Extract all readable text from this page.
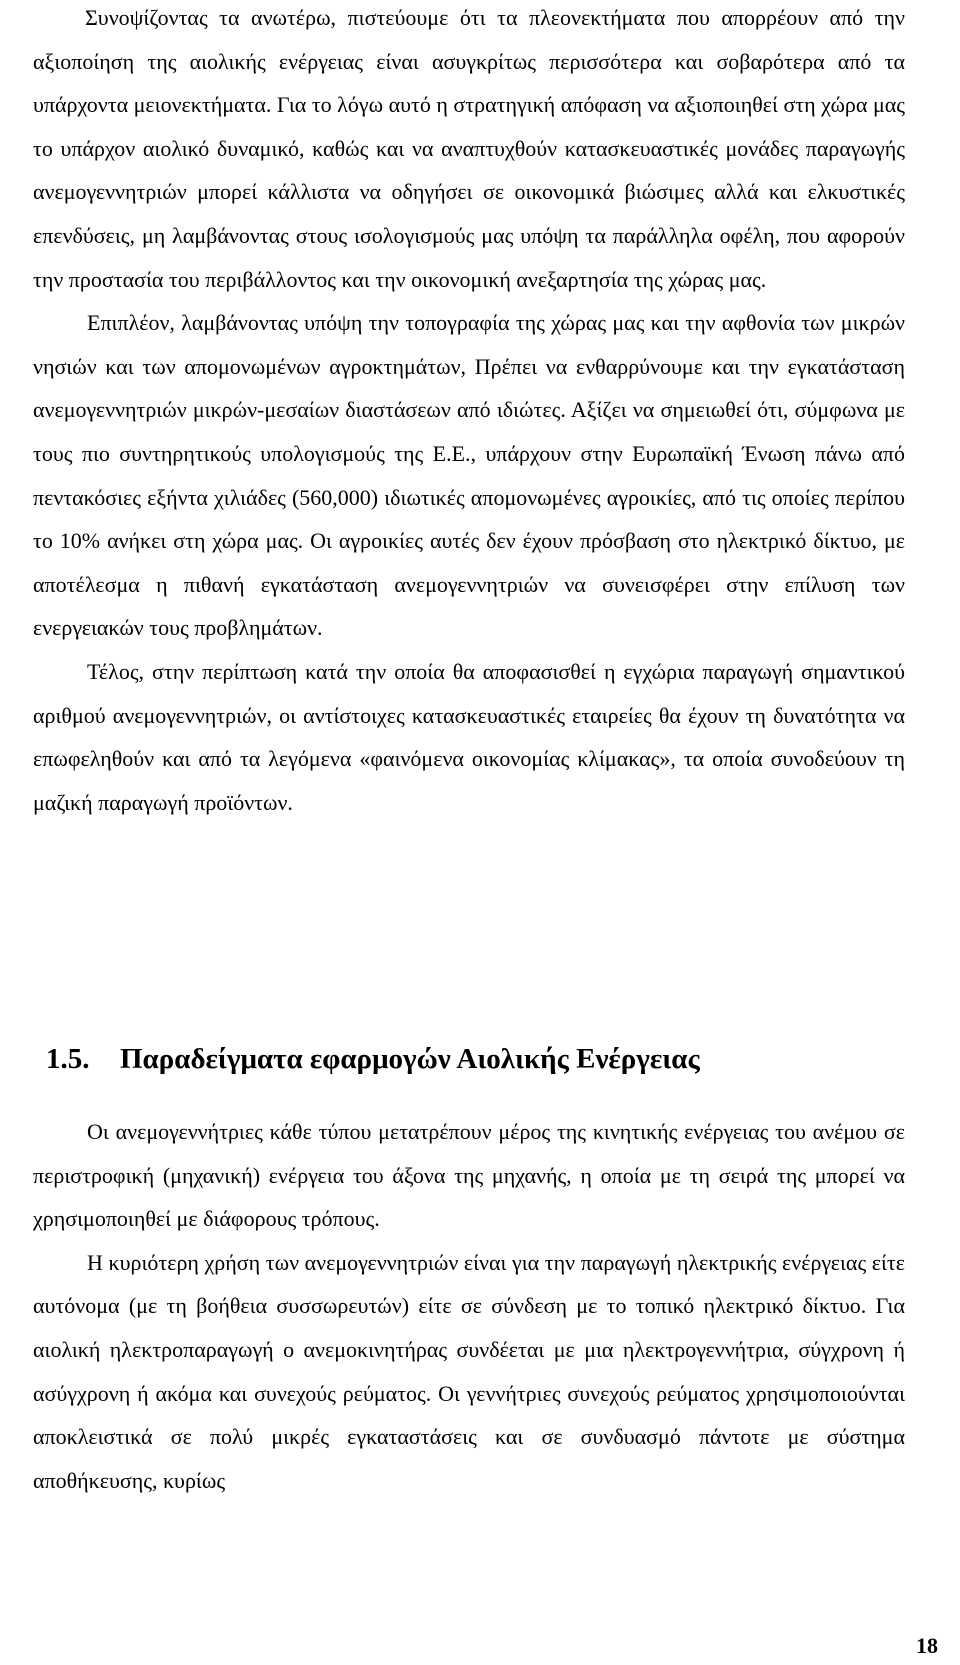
Συνοψίζοντας τα ανωτέρω, πιστεύουμε ότι τα πλεονεκτήματα που απορρέουν από την αξιοποίηση της αιολικής ενέργειας είναι ασυγκρίτως περισσότερα και σοβαρότερα από τα υπάρχοντα μειονεκτήματα. Για το λόγω αυτό η στρατηγική απόφαση να αξιοποιηθεί στη χώρα μας το υπάρχον αιολικό δυναμικό, καθώς και να αναπτυχθούν κατασκευαστικές μονάδες παραγωγής ανεμογεννητριών μπορεί κάλλιστα να οδηγήσει σε οικονομικά βιώσιμες αλλά και ελκυστικές επενδύσεις, μη λαμβάνοντας στους ισολογισμούς μας υπόψη τα παράλληλα οφέλη, που αφορούν την προστασία του περιβάλλοντος και την οικονομική ανεξαρτησία της χώρας μας.

Επιπλέον, λαμβάνοντας υπόψη την τοπογραφία της χώρας μας και την αφθονία των μικρών νησιών και των απομονωμένων αγροκτημάτων, Πρέπει να ενθαρρύνουμε και την εγκατάσταση ανεμογεννητριών μικρών-μεσαίων διαστάσεων από ιδιώτες. Αξίζει να σημειωθεί ότι, σύμφωνα με τους πιο συντηρητικούς υπολογισμούς της Ε.Ε., υπάρχουν στην Ευρωπαϊκή Ένωση πάνω από πεντακόσιες εξήντα χιλιάδες (560,000) ιδιωτικές απομονωμένες αγροικίες, από τις οποίες περίπου το 10% ανήκει στη χώρα μας. Οι αγροικίες αυτές δεν έχουν πρόσβαση στο ηλεκτρικό δίκτυο, με αποτέλεσμα η πιθανή εγκατάσταση ανεμογεννητριών να συνεισφέρει στην επίλυση των ενεργειακών τους προβλημάτων.

Τέλος, στην περίπτωση κατά την οποία θα αποφασισθεί η εγχώρια παραγωγή σημαντικού αριθμού ανεμογεννητριών, οι αντίστοιχες κατασκευαστικές εταιρείες θα έχουν τη δυνατότητα να επωφεληθούν και από τα λεγόμενα «φαινόμενα οικονομίας κλίμακας», τα οποία συνοδεύουν τη μαζική παραγωγή προϊόντων.

1.5. Παραδείγματα εφαρμογών Αιολικής Ενέργειας

Οι ανεμογεννήτριες κάθε τύπου μετατρέπουν μέρος της κινητικής ενέργειας του ανέμου σε περιστροφική (μηχανική) ενέργεια του άξονα της μηχανής, η οποία με τη σειρά της μπορεί να χρησιμοποιηθεί με διάφορους τρόπους.

Η κυριότερη χρήση των ανεμογεννητριών είναι για την παραγωγή ηλεκτρικής ενέργειας είτε αυτόνομα (με τη βοήθεια συσσωρευτών) είτε σε σύνδεση με το τοπικό ηλεκτρικό δίκτυο. Για αιολική ηλεκτροπαραγωγή ο ανεμοκινητήρας συνδέεται με μια ηλεκτρογεννήτρια, σύγχρονη ή ασύγχρονη ή ακόμα και συνεχούς ρεύματος. Οι γεννήτριες συνεχούς ρεύματος χρησιμοποιούνται αποκλειστικά σε πολύ μικρές εγκαταστάσεις και σε συνδυασμό πάντοτε με σύστημα αποθήκευσης, κυρίως

18
